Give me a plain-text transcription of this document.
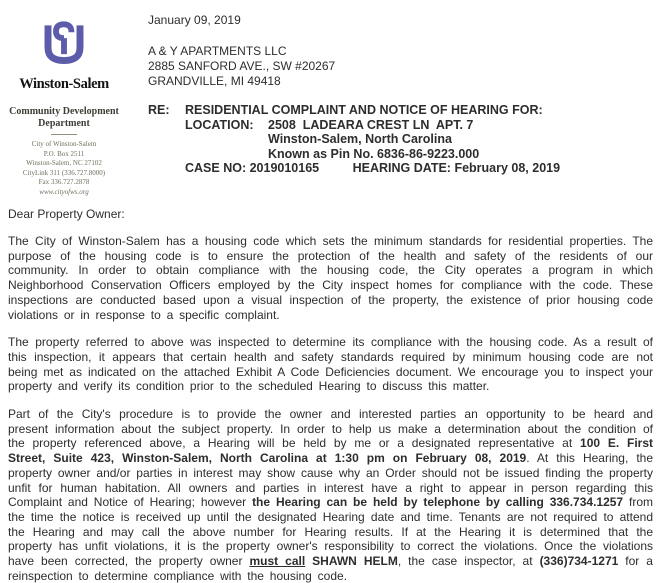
Winston-Salem
Community Development
Department
City of Winston-Salem
P.O. Box 2511
Winston-Salem, NC 27102
CityLink 311 (336.727.8000)
Fax 336.727.2878
www.cityofws.org
January 09, 2019
A & Y APARTMENTS LLC
2885 SANFORD AVE., SW #20267
GRANDVILLE, MI 49418
RE:	RESIDENTIAL COMPLAINT AND NOTICE OF HEARING FOR:
LOCATION:	2508  LADEARA CREST LN  APT. 7
Winston-Salem, North Carolina
Known as Pin No. 6836-86-9223.000
CASE NO: 2019010165	HEARING DATE: February 08, 2019
Dear Property Owner:

The City of Winston-Salem has a housing code which sets the minimum standards for residential properties. The purpose of the housing code is to ensure the protection of the health and safety of the residents of our community. In order to obtain compliance with the housing code, the City operates a program in which Neighborhood Conservation Officers employed by the City inspect homes for compliance with the code. These inspections are conducted based upon a visual inspection of the property, the existence of prior housing code violations or in response to a specific complaint.

The property referred to above was inspected to determine its compliance with the housing code. As a result of this inspection, it appears that certain health and safety standards required by minimum housing code are not being met as indicated on the attached Exhibit A Code Deficiencies document. We encourage you to inspect your property and verify its condition prior to the scheduled Hearing to discuss this matter.

Part of the City's procedure is to provide the owner and interested parties an opportunity to be heard and present information about the subject property. In order to help us make a determination about the condition of the property referenced above, a Hearing will be held by me or a designated representative at 100 E. First Street, Suite 423, Winston-Salem, North Carolina at 1:30 pm on February 08, 2019. At this Hearing, the property owner and/or parties in interest may show cause why an Order should not be issued finding the property unfit for human habitation. All owners and parties in interest have a right to appear in person regarding this Complaint and Notice of Hearing; however the Hearing can be held by telephone by calling 336.734.1257 from the time the notice is received up until the designated Hearing date and time. Tenants are not required to attend the Hearing and may call the above number for Hearing results. If at the Hearing it is determined that the property has unfit violations, it is the property owner's responsibility to correct the violations. Once the violations have been corrected, the property owner must call SHAWN HELM, the case inspector, at (336)734-1271 for a reinspection to determine compliance with the housing code.
